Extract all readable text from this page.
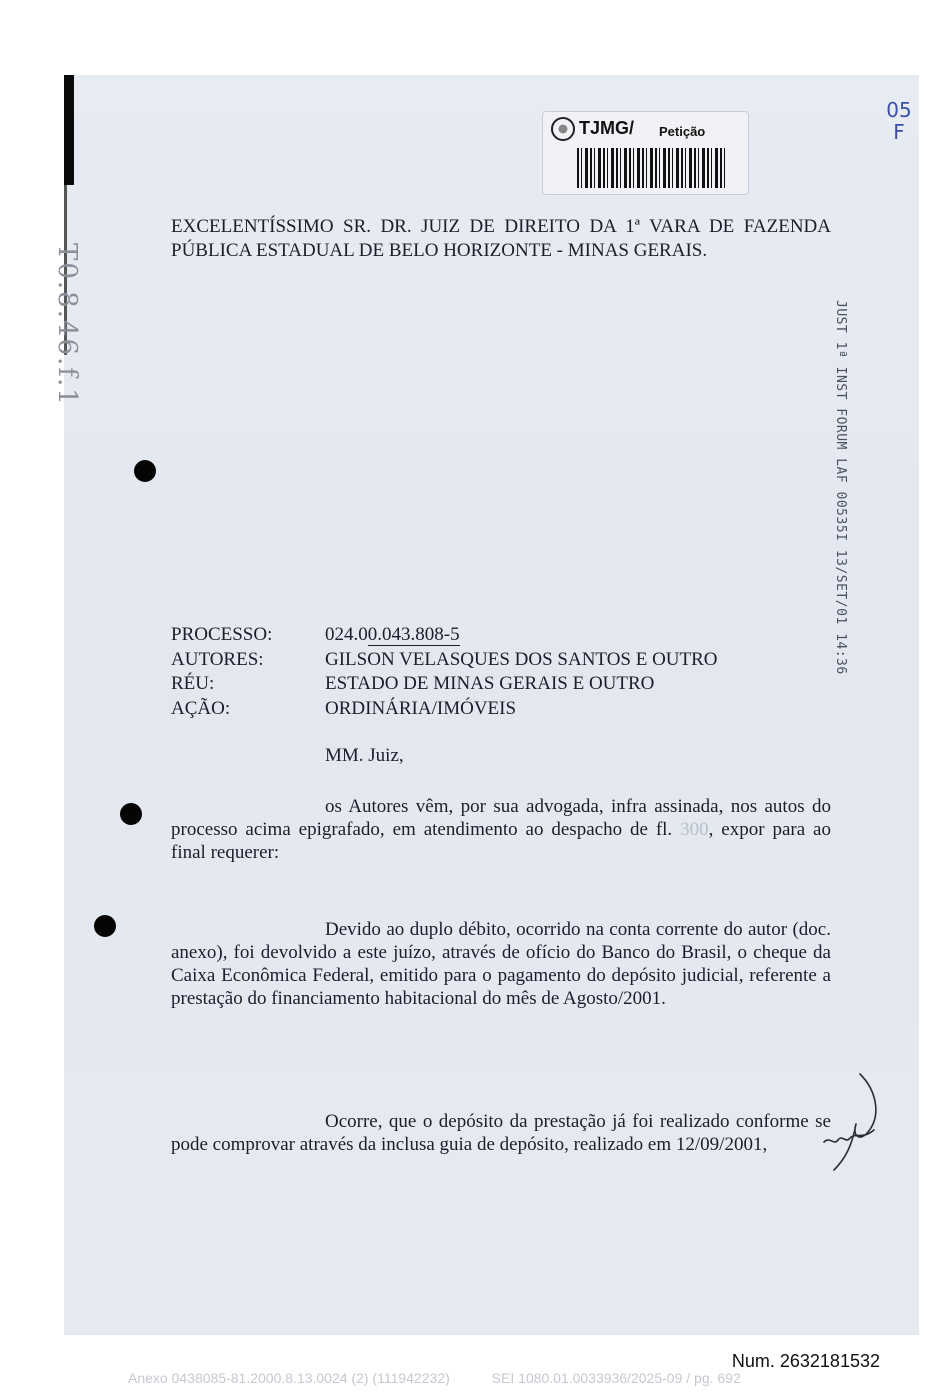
T0.8.46.f.1
TJMG/ Petição
05
F
JUST 1ª INST FORUM LAF 00535I 13/SET/01 14:36
EXCELENTÍSSIMO SR. DR. JUIZ DE DIREITO DA 1ª VARA DE FAZENDA PÚBLICA ESTADUAL DE BELO HORIZONTE - MINAS GERAIS.
PROCESSO:	024.00.043.808-5
AUTORES:	GILSON VELASQUES DOS SANTOS E OUTRO
RÉU:	ESTADO DE MINAS GERAIS E OUTRO
AÇÃO:	ORDINÁRIA/IMÓVEIS
MM. Juiz,
os Autores vêm, por sua advogada, infra assinada, nos autos do processo acima epigrafado, em atendimento ao despacho de fl. 300, expor para ao final requerer:
Devido ao duplo débito, ocorrido na conta corrente do autor (doc. anexo), foi devolvido a este juízo, através de ofício do Banco do Brasil, o cheque da Caixa Econômica Federal, emitido para o pagamento do depósito judicial, referente a prestação do financiamento habitacional do mês de Agosto/2001.
Ocorre, que o depósito da prestação já foi realizado conforme se pode comprovar através da inclusa guia de depósito, realizado em 12/09/2001,
Num. 2632181532
Anexo 0438085-81.2000.8.13.0024 (2) (111942232)	SEI 1080.01.0033936/2025-09 / pg. 692
